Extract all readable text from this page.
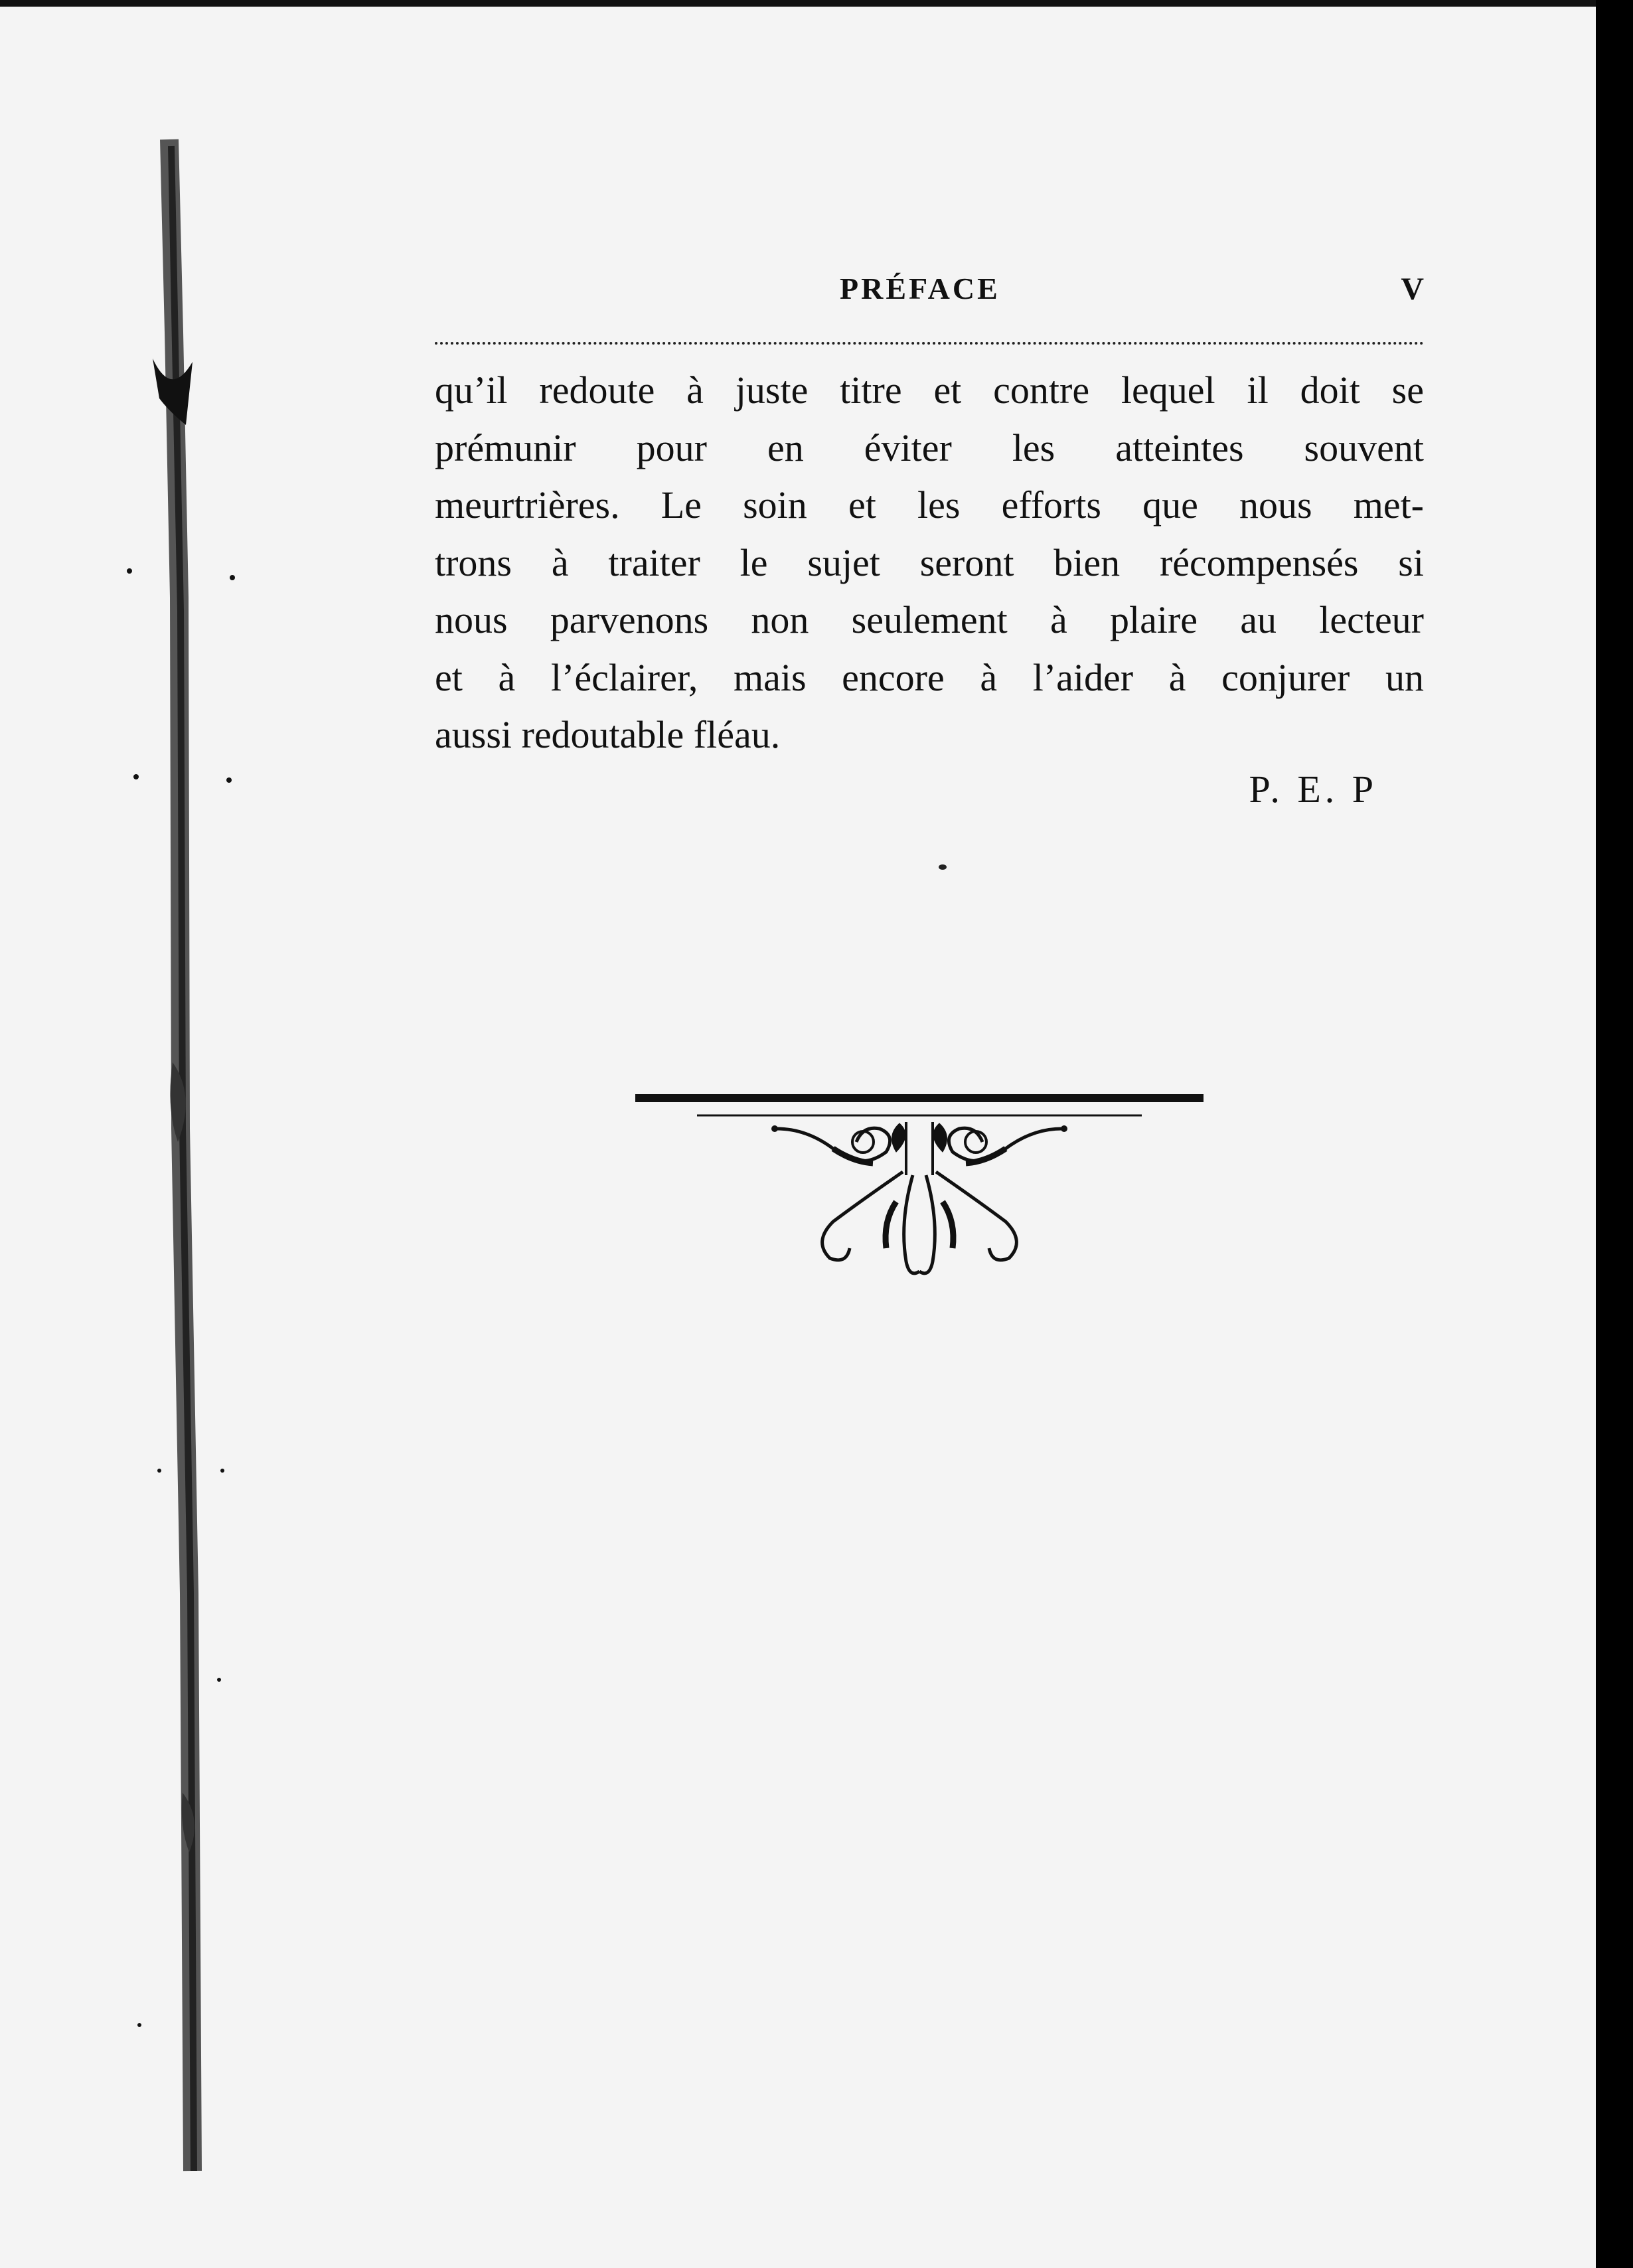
PRÉFACE	V
qu’il redoute à juste titre et contre lequel il doit se
prémunir pour en éviter les atteintes souvent
meurtrières. Le soin et les efforts que nous met-
trons à traiter le sujet seront bien récompensés si
nous parvenons non seulement à plaire au lecteur
et à l’éclairer, mais encore à l’aider à conjurer un
aussi redoutable fléau.
P. E. P
